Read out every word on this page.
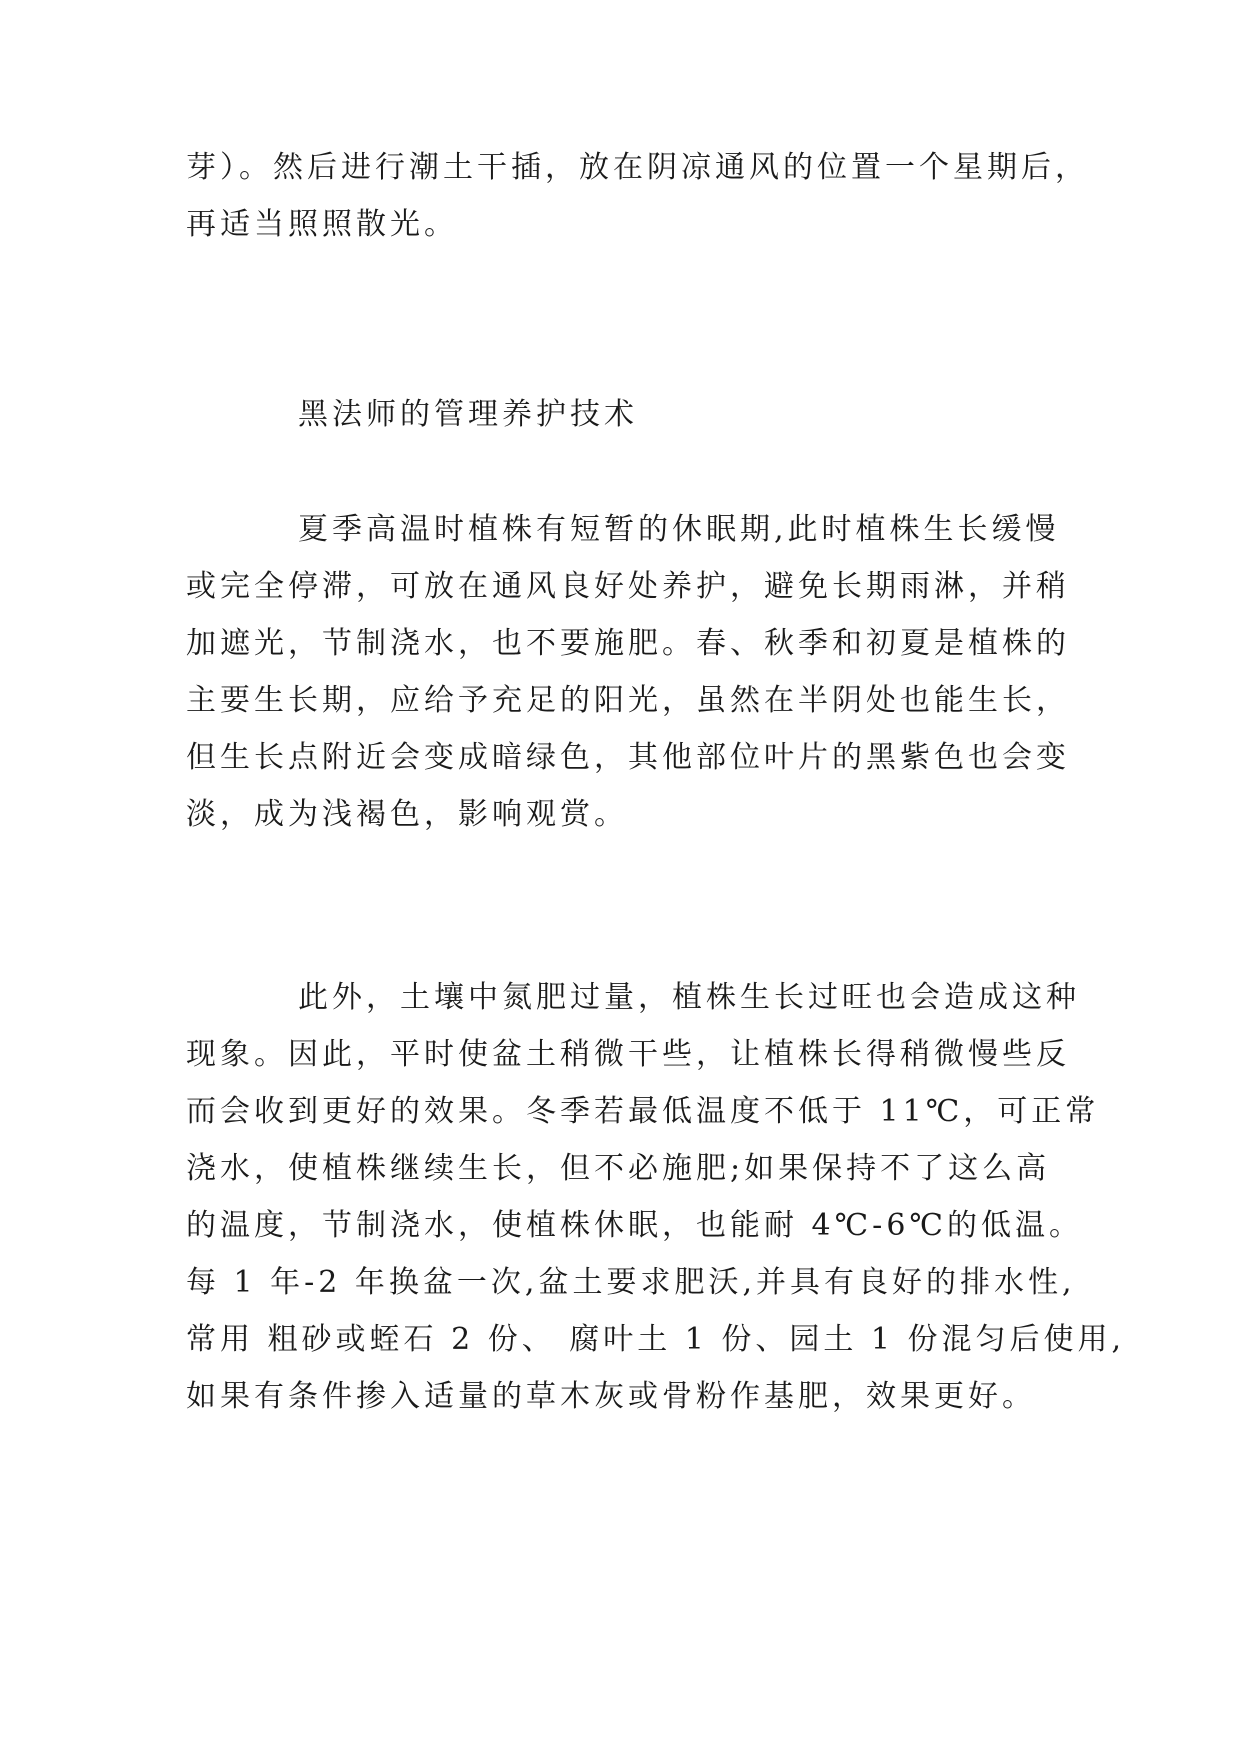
芽）。然后进行潮土干插，放在阴凉通风的位置一个星期后，
再适当照照散光。
黑法师的管理养护技术
夏季高温时植株有短暂的休眠期,此时植株生长缓慢
或完全停滞，可放在通风良好处养护，避免长期雨淋，并稍
加遮光，节制浇水，也不要施肥。春、秋季和初夏是植株的
主要生长期，应给予充足的阳光，虽然在半阴处也能生长，
但生长点附近会变成暗绿色，其他部位叶片的黑紫色也会变
淡，成为浅褐色，影响观赏。
此外，土壤中氮肥过量，植株生长过旺也会造成这种
现象。因此，平时使盆土稍微干些，让植株长得稍微慢些反
而会收到更好的效果。冬季若最低温度不低于 11℃，可正常
浇水，使植株继续生长，但不必施肥;如果保持不了这么高
的温度，节制浇水，使植株休眠，也能耐 4℃-6℃的低温。
每 1 年-2 年换盆一次,盆土要求肥沃,并具有良好的排水性,
常用 粗砂或蛭石 2 份、 腐叶土 1 份、园土 1 份混匀后使用,
如果有条件掺入适量的草木灰或骨粉作基肥，效果更好。
